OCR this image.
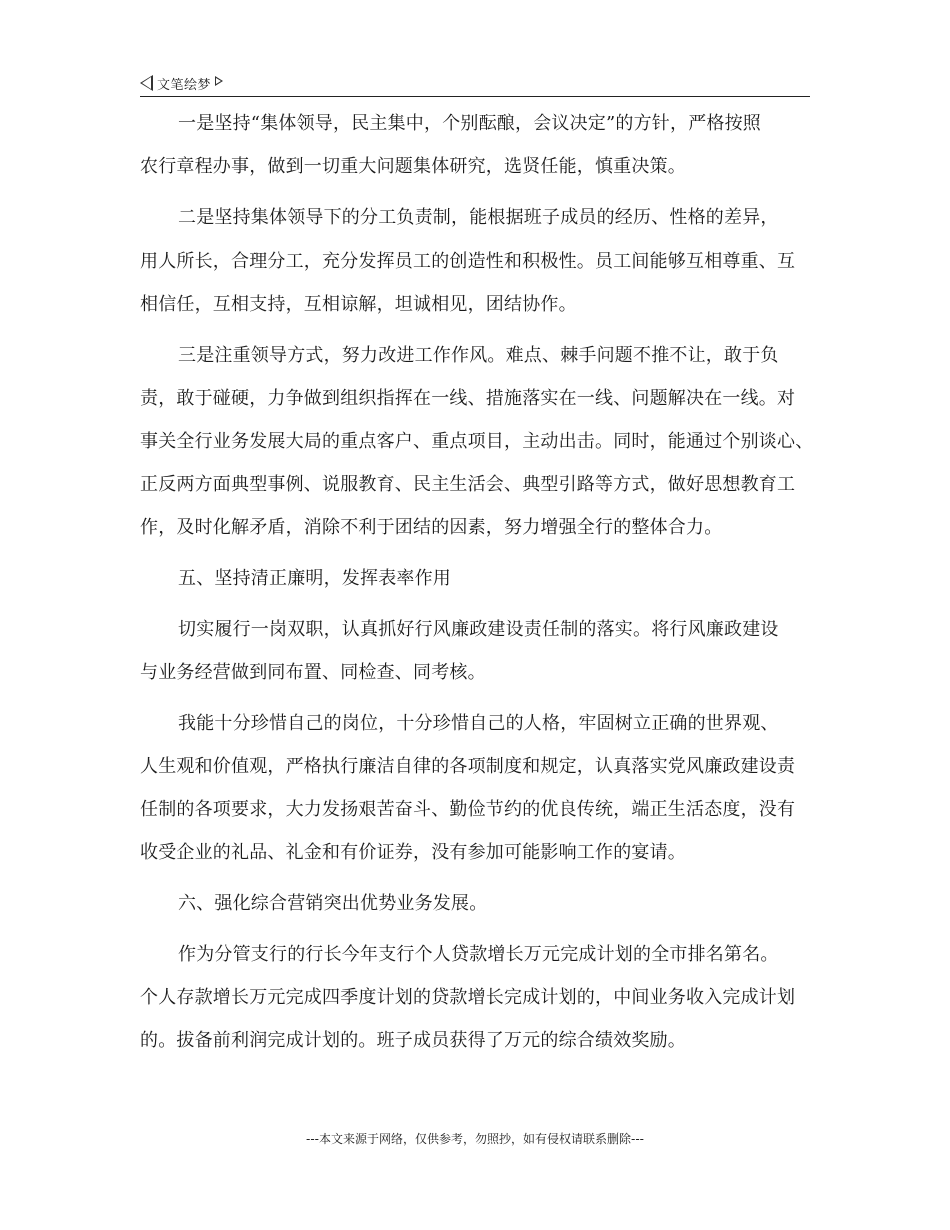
文笔绘梦
一是坚持“集体领导，民主集中，个别酝酿，会议决定”的方针，严格按照
农行章程办事，做到一切重大问题集体研究，选贤任能，慎重决策。
二是坚持集体领导下的分工负责制，能根据班子成员的经历、性格的差异，
用人所长，合理分工，充分发挥员工的创造性和积极性。员工间能够互相尊重、互
相信任，互相支持，互相谅解，坦诚相见，团结协作。
三是注重领导方式，努力改进工作作风。难点、棘手问题不推不让，敢于负
责，敢于碰硬，力争做到组织指挥在一线、措施落实在一线、问题解决在一线。对
事关全行业务发展大局的重点客户、重点项目，主动出击。同时，能通过个别谈心、
正反两方面典型事例、说服教育、民主生活会、典型引路等方式，做好思想教育工
作，及时化解矛盾，消除不利于团结的因素，努力增强全行的整体合力。
五、坚持清正廉明，发挥表率作用
切实履行一岗双职，认真抓好行风廉政建设责任制的落实。将行风廉政建设
与业务经营做到同布置、同检查、同考核。
我能十分珍惜自己的岗位，十分珍惜自己的人格，牢固树立正确的世界观、
人生观和价值观，严格执行廉洁自律的各项制度和规定，认真落实党风廉政建设责
任制的各项要求，大力发扬艰苦奋斗、勤俭节约的优良传统，端正生活态度，没有
收受企业的礼品、礼金和有价证券，没有参加可能影响工作的宴请。
六、强化综合营销突出优势业务发展。
作为分管支行的行长今年支行个人贷款增长万元完成计划的全市排名第名。
个人存款增长万元完成四季度计划的贷款增长完成计划的，中间业务收入完成计划
的。拔备前利润完成计划的。班子成员获得了万元的综合绩效奖励。
---本文来源于网络，仅供参考，勿照抄，如有侵权请联系删除---
